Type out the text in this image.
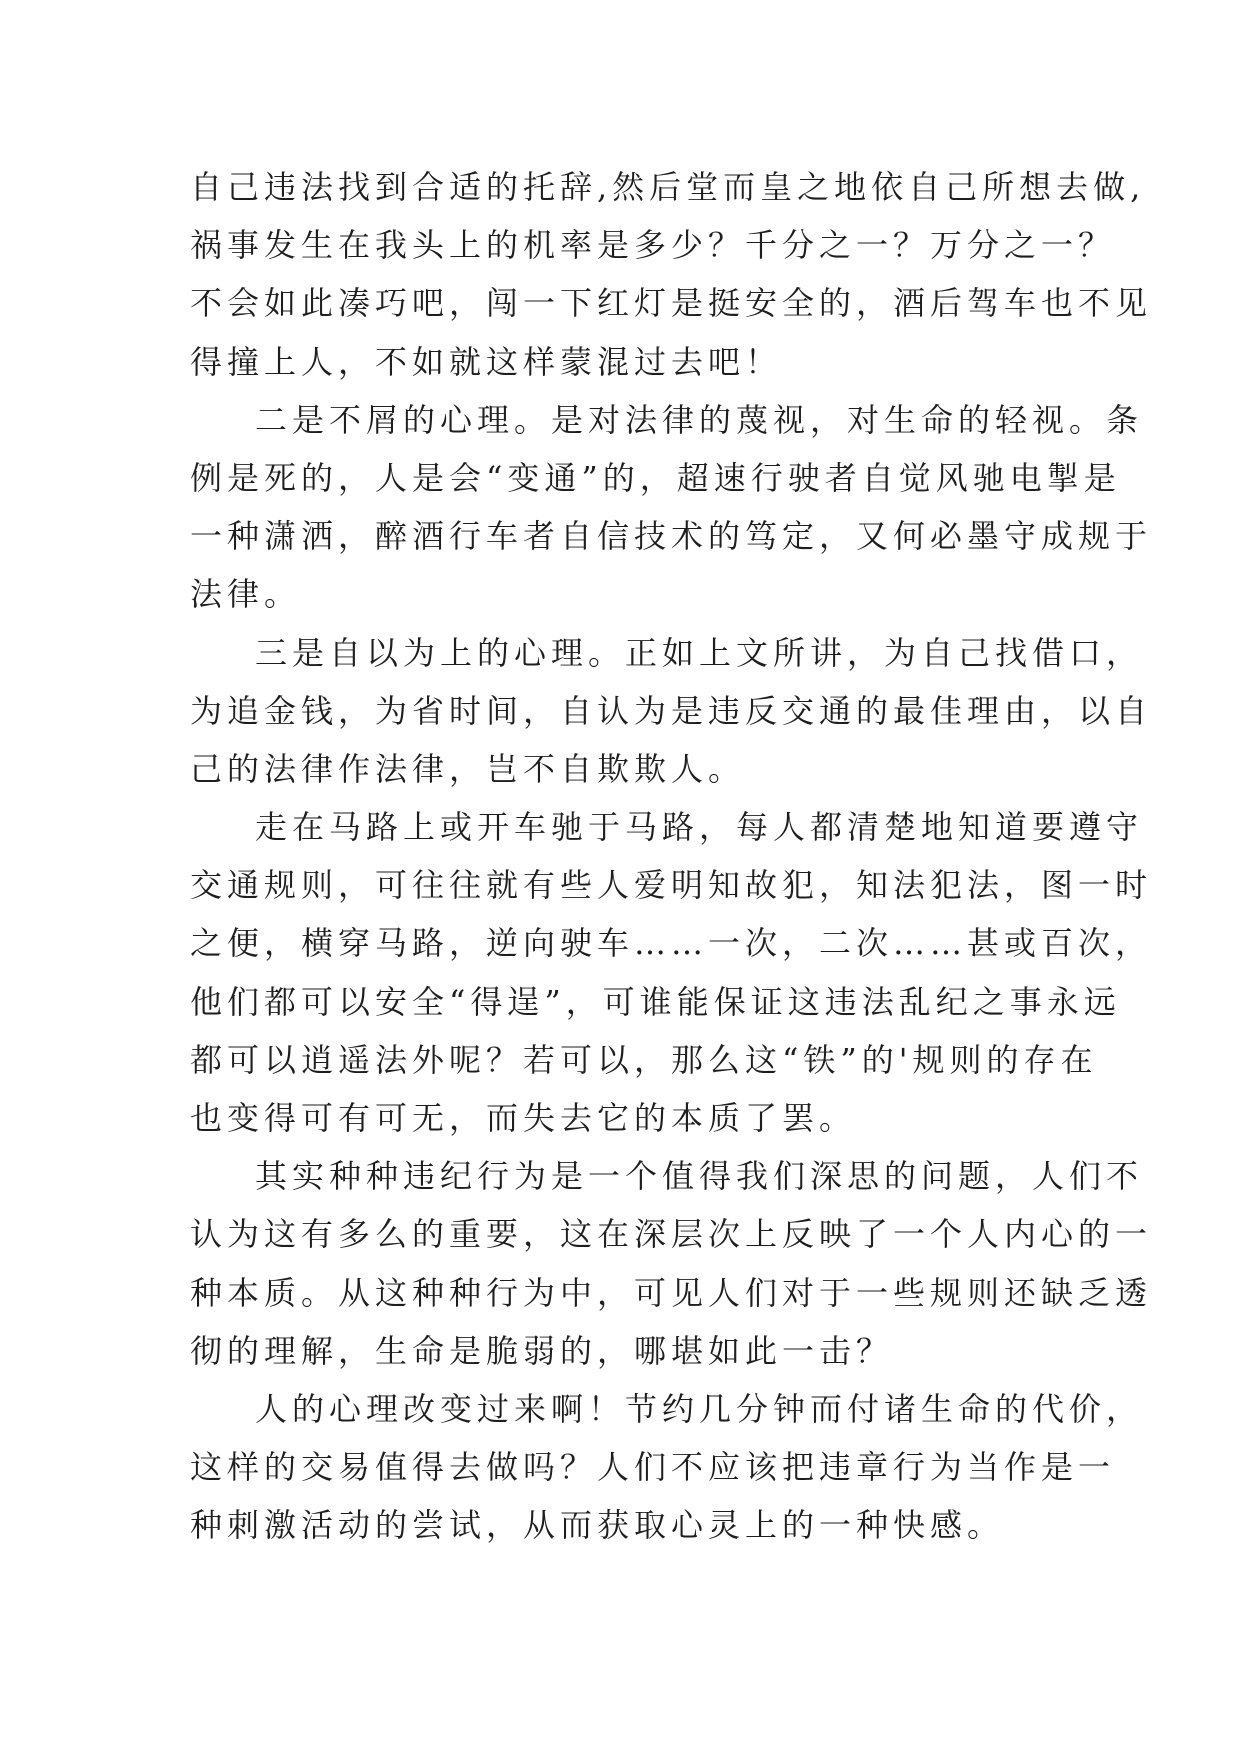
自己违法找到合适的托辞,然后堂而皇之地依自己所想去做,
祸事发生在我头上的机率是多少？千分之一？万分之一？
不会如此凑巧吧，闯一下红灯是挺安全的，酒后驾车也不见
得撞上人，不如就这样蒙混过去吧！
二是不屑的心理。是对法律的蔑视，对生命的轻视。条
例是死的，人是会“变通”的，超速行驶者自觉风驰电掣是
一种潇洒，醉酒行车者自信技术的笃定，又何必墨守成规于
法律。
三是自以为上的心理。正如上文所讲，为自己找借口，
为追金钱，为省时间，自认为是违反交通的最佳理由，以自
己的法律作法律，岂不自欺欺人。
走在马路上或开车驰于马路，每人都清楚地知道要遵守
交通规则，可往往就有些人爱明知故犯，知法犯法，图一时
之便，横穿马路，逆向驶车……一次，二次……甚或百次，
他们都可以安全“得逞”，可谁能保证这违法乱纪之事永远
都可以逍遥法外呢？若可以，那么这“铁”的'规则的存在
也变得可有可无，而失去它的本质了罢。
其实种种违纪行为是一个值得我们深思的问题，人们不
认为这有多么的重要，这在深层次上反映了一个人内心的一
种本质。从这种种行为中，可见人们对于一些规则还缺乏透
彻的理解，生命是脆弱的，哪堪如此一击？
人的心理改变过来啊！节约几分钟而付诸生命的代价，
这样的交易值得去做吗？人们不应该把违章行为当作是一
种刺激活动的尝试，从而获取心灵上的一种快感。
